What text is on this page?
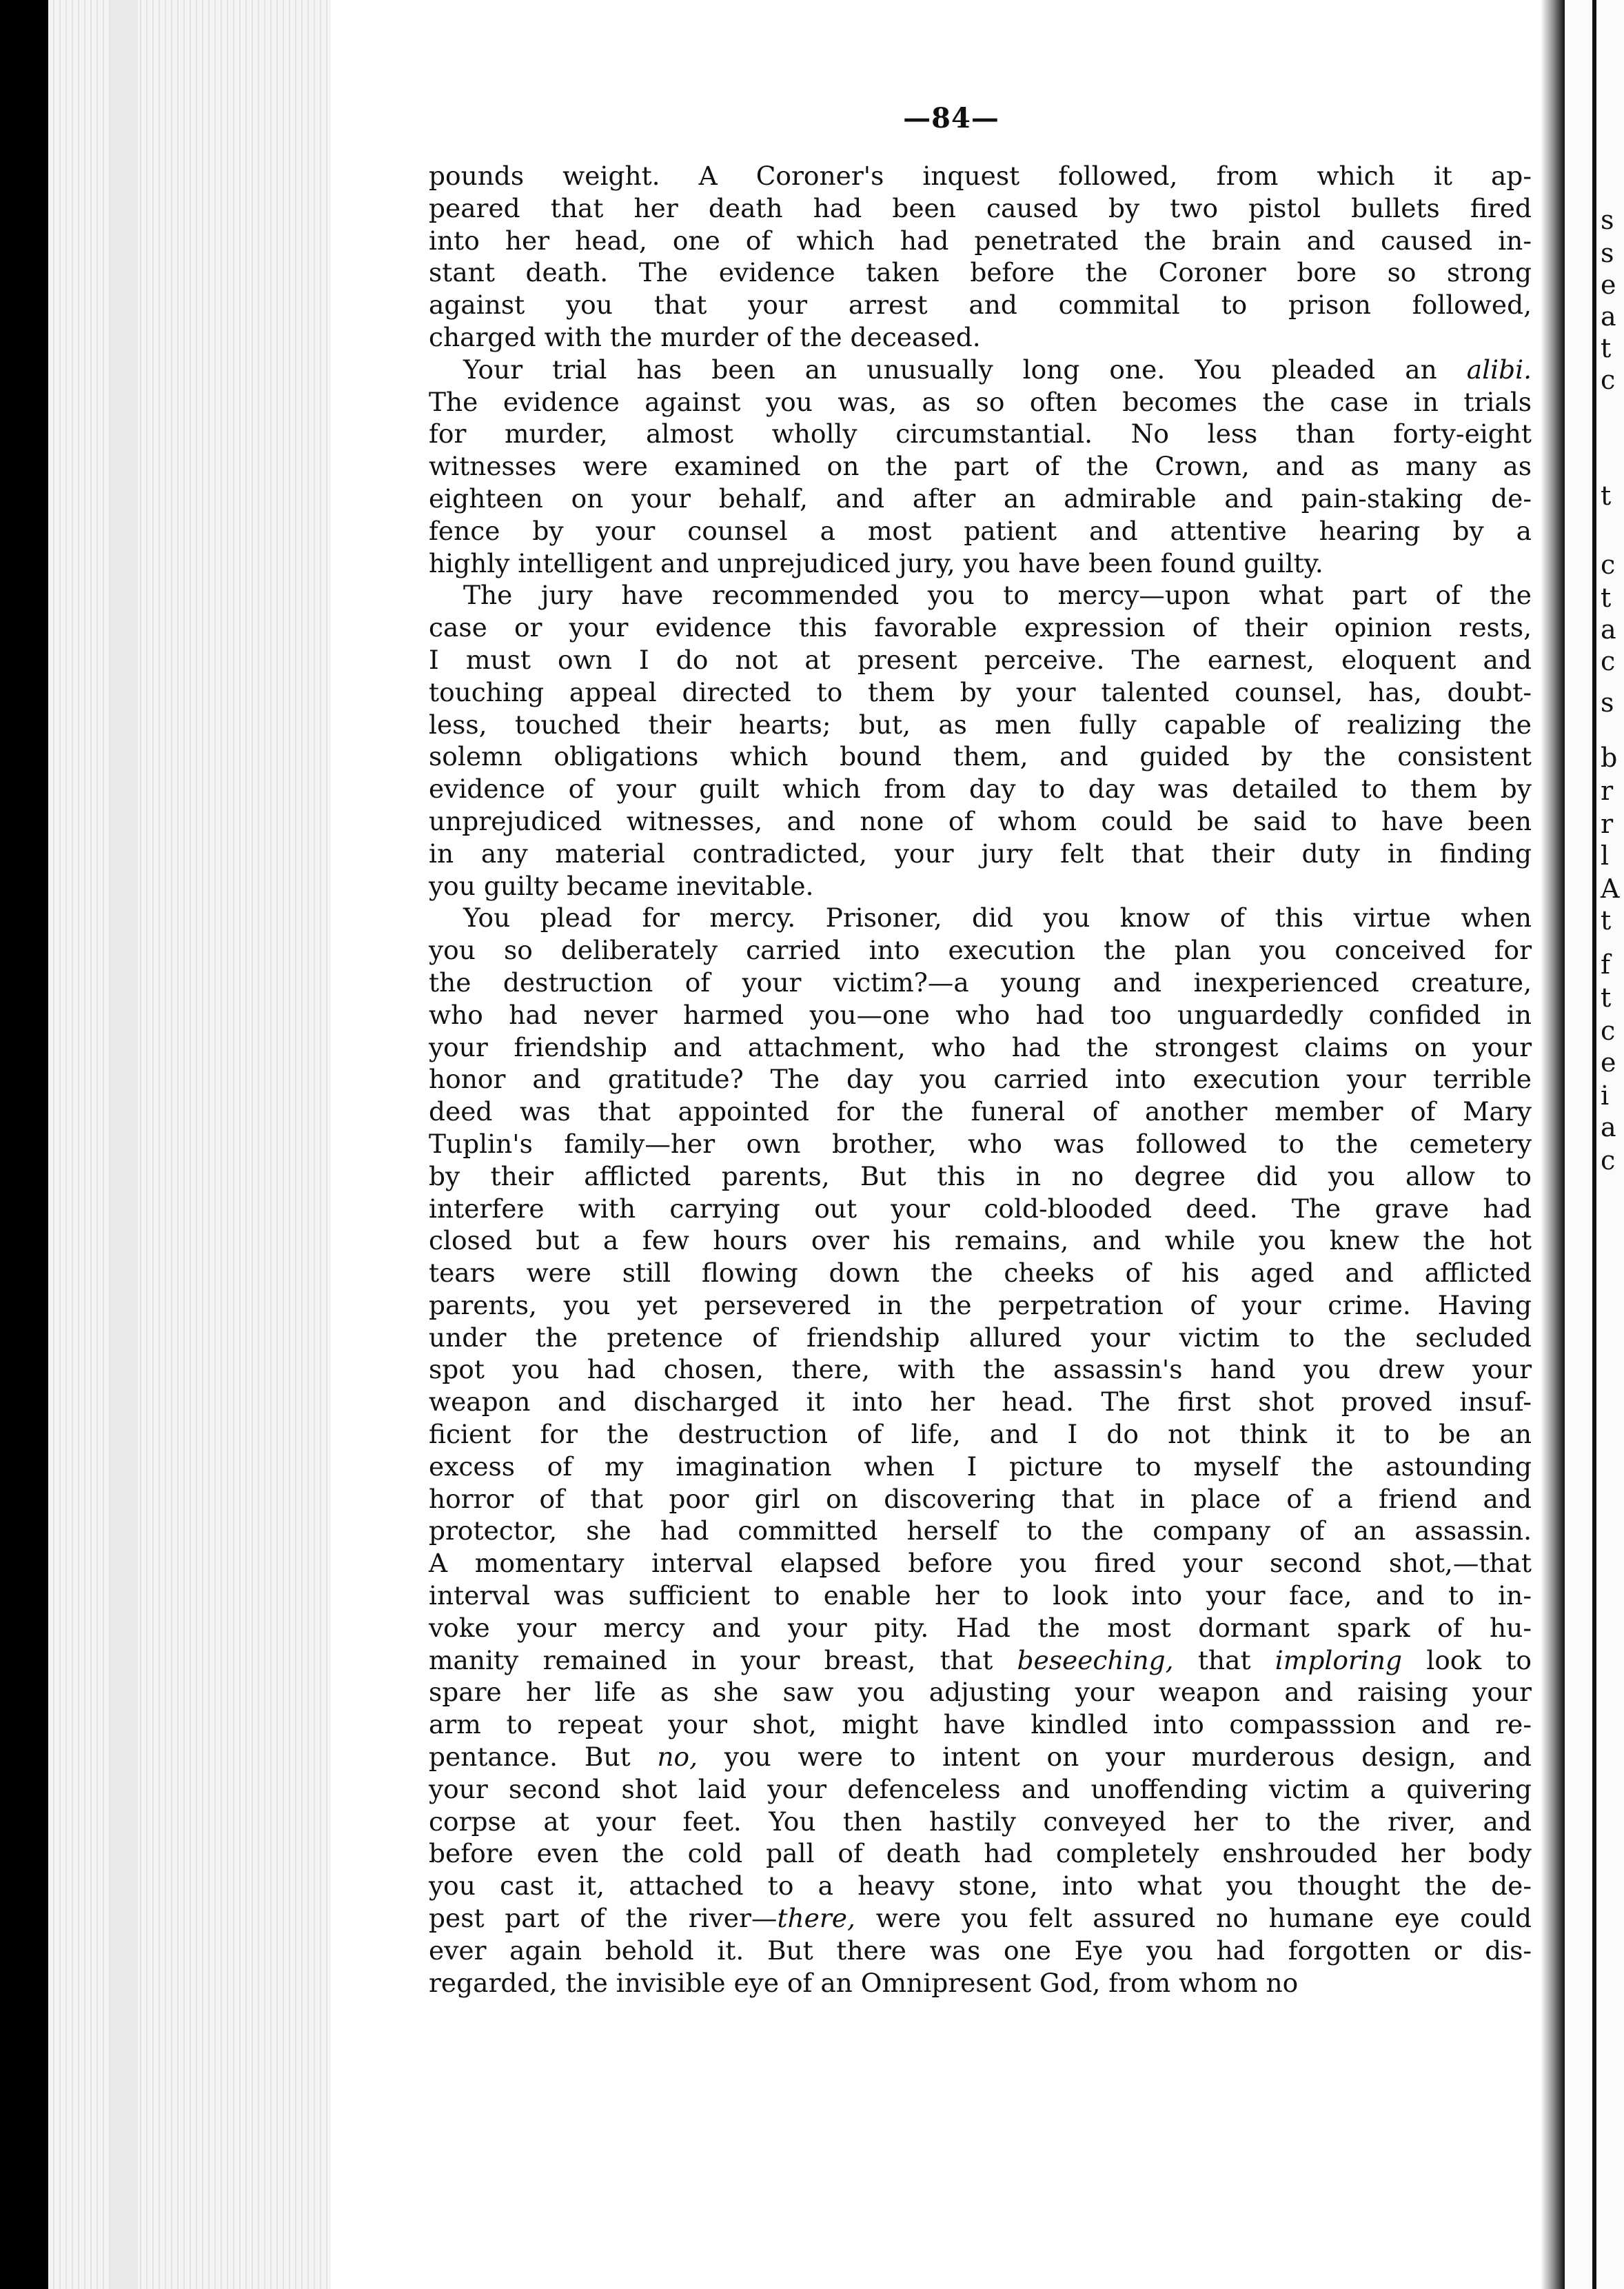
—84—
pounds weight. A Coroner's inquest followed, from which it ap-
peared that her death had been caused by two pistol bullets fired
into her head, one of which had penetrated the brain and caused in-
stant death. The evidence taken before the Coroner bore so strong
against you that your arrest and commital to prison followed,
charged with the murder of the deceased.
Your trial has been an unusually long one. You pleaded an alibi.
The evidence against you was, as so often becomes the case in trials
for murder, almost wholly circumstantial. No less than forty-eight
witnesses were examined on the part of the Crown, and as many as
eighteen on your behalf, and after an admirable and pain-staking de-
fence by your counsel a most patient and attentive hearing by a
highly intelligent and unprejudiced jury, you have been found guilty.
The jury have recommended you to mercy—upon what part of the
case or your evidence this favorable expression of their opinion rests,
I must own I do not at present perceive. The earnest, eloquent and
touching appeal directed to them by your talented counsel, has, doubt-
less, touched their hearts; but, as men fully capable of realizing the
solemn obligations which bound them, and guided by the consistent
evidence of your guilt which from day to day was detailed to them by
unprejudiced witnesses, and none of whom could be said to have been
in any material contradicted, your jury felt that their duty in finding
you guilty became inevitable.
You plead for mercy. Prisoner, did you know of this virtue when
you so deliberately carried into execution the plan you conceived for
the destruction of your victim?—a young and inexperienced creature,
who had never harmed you—one who had too unguardedly confided in
your friendship and attachment, who had the strongest claims on your
honor and gratitude? The day you carried into execution your terrible
deed was that appointed for the funeral of another member of Mary
Tuplin's family—her own brother, who was followed to the cemetery
by their afflicted parents, But this in no degree did you allow to
interfere with carrying out your cold-blooded deed. The grave had
closed but a few hours over his remains, and while you knew the hot
tears were still flowing down the cheeks of his aged and afflicted
parents, you yet persevered in the perpetration of your crime. Having
under the pretence of friendship allured your victim to the secluded
spot you had chosen, there, with the assassin's hand you drew your
weapon and discharged it into her head. The first shot proved insuf-
ficient for the destruction of life, and I do not think it to be an
excess of my imagination when I picture to myself the astounding
horror of that poor girl on discovering that in place of a friend and
protector, she had committed herself to the company of an assassin.
A momentary interval elapsed before you fired your second shot,—that
interval was sufficient to enable her to look into your face, and to in-
voke your mercy and your pity. Had the most dormant spark of hu-
manity remained in your breast, that beseeching, that imploring look to
spare her life as she saw you adjusting your weapon and raising your
arm to repeat your shot, might have kindled into compasssion and re-
pentance. But no, you were to intent on your murderous design, and
your second shot laid your defenceless and unoffending victim a quivering
corpse at your feet. You then hastily conveyed her to the river, and
before even the cold pall of death had completely enshrouded her body
you cast it, attached to a heavy stone, into what you thought the de-
pest part of the river—there, were you felt assured no humane eye could
ever again behold it. But there was one Eye you had forgotten or dis-
regarded, the invisible eye of an Omnipresent God, from whom no
s
s
e
a
t
c
t
c
t
a
c
s
b
r
r
l
A
t
f
t
c
e
i
a
c
